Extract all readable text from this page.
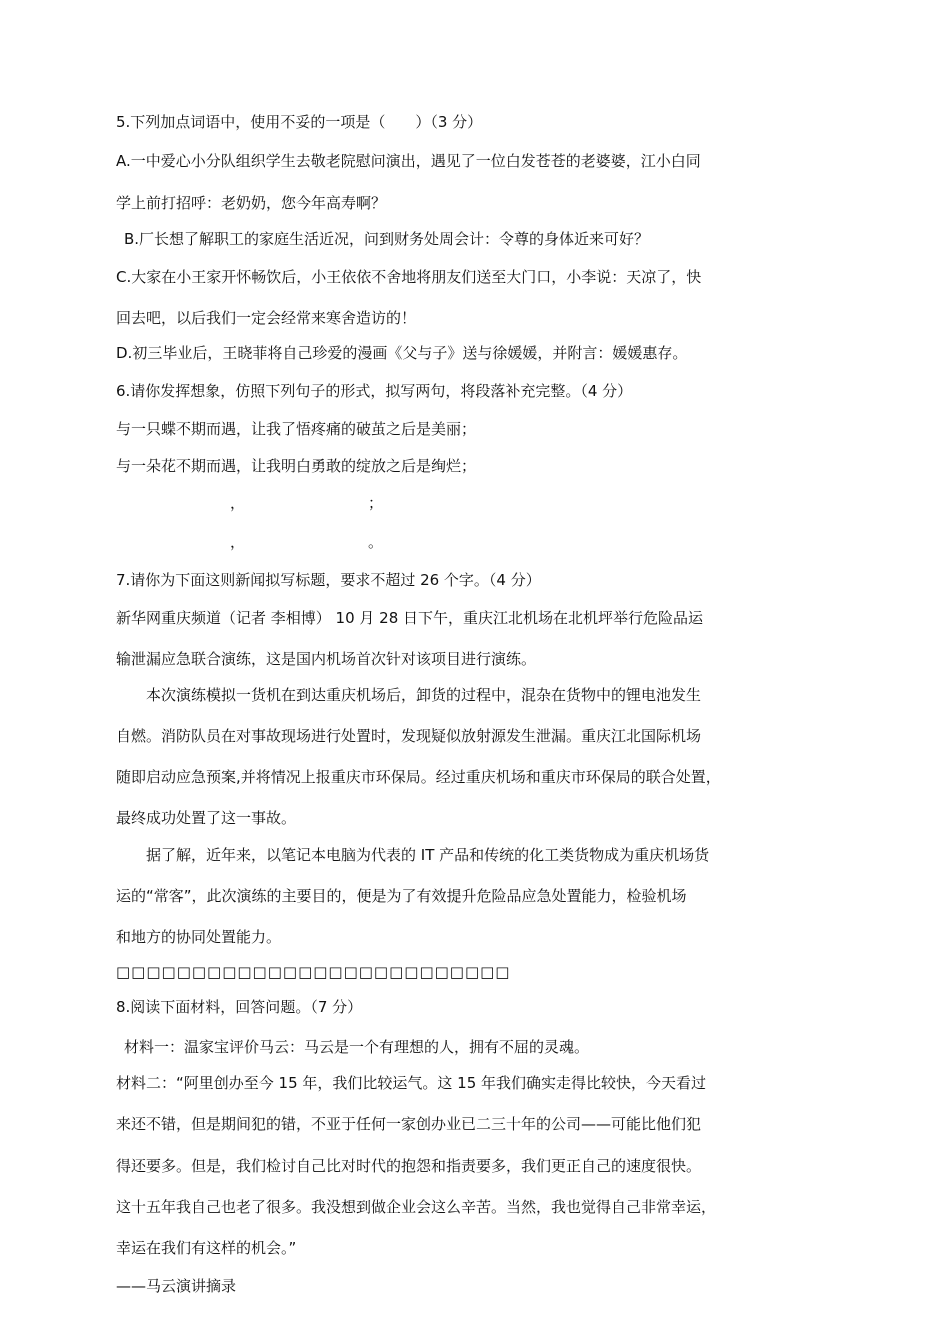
5.下列加点词语中，使用不妥的一项是（　　）（3 分）
A.一中爱心小分队组织学生去敬老院慰问演出，遇见了一位白发苍苍的老婆婆，江小白同
学上前打招呼：老奶奶，您今年高寿啊？
B.厂长想了解职工的家庭生活近况，问到财务处周会计：令尊的身体近来可好？
C.大家在小王家开怀畅饮后，小王依依不舍地将朋友们送至大门口，小李说：天凉了，快
回去吧，以后我们一定会经常来寒舍造访的！
D.初三毕业后，王晓菲将自己珍爱的漫画《父与子》送与徐媛媛，并附言：媛媛惠存。
6.请你发挥想象，仿照下列句子的形式，拟写两句，将段落补充完整。（4 分）
与一只蝶不期而遇，让我了悟疼痛的破茧之后是美丽；
与一朵花不期而遇，让我明白勇敢的绽放之后是绚烂；
，	；
，	。
7.请你为下面这则新闻拟写标题，要求不超过 26 个字。（4 分）
新华网重庆频道（记者 李相博） 10 月 28 日下午，重庆江北机场在北机坪举行危险品运
输泄漏应急联合演练，这是国内机场首次针对该项目进行演练。
本次演练模拟一货机在到达重庆机场后，卸货的过程中，混杂在货物中的锂电池发生
自燃。消防队员在对事故现场进行处置时，发现疑似放射源发生泄漏。重庆江北国际机场
随即启动应急预案,并将情况上报重庆市环保局。经过重庆机场和重庆市环保局的联合处置，
最终成功处置了这一事故。
据了解，近年来，以笔记本电脑为代表的 IT 产品和传统的化工类货物成为重庆机场货
运的“常客”，此次演练的主要目的，便是为了有效提升危险品应急处置能力，检验机场
和地方的协同处置能力。
□□□□□□□□□□□□□□□□□□□□□□□□□□
8.阅读下面材料，回答问题。（7 分）
材料一：温家宝评价马云：马云是一个有理想的人，拥有不屈的灵魂。
材料二：“阿里创办至今 15 年，我们比较运气。这 15 年我们确实走得比较快，今天看过
来还不错，但是期间犯的错，不亚于任何一家创办业已二三十年的公司——可能比他们犯
得还要多。但是，我们检讨自己比对时代的抱怨和指责要多，我们更正自己的速度很快。
这十五年我自己也老了很多。我没想到做企业会这么辛苦。当然，我也觉得自己非常幸运，
幸运在我们有这样的机会。”
——马云演讲摘录
